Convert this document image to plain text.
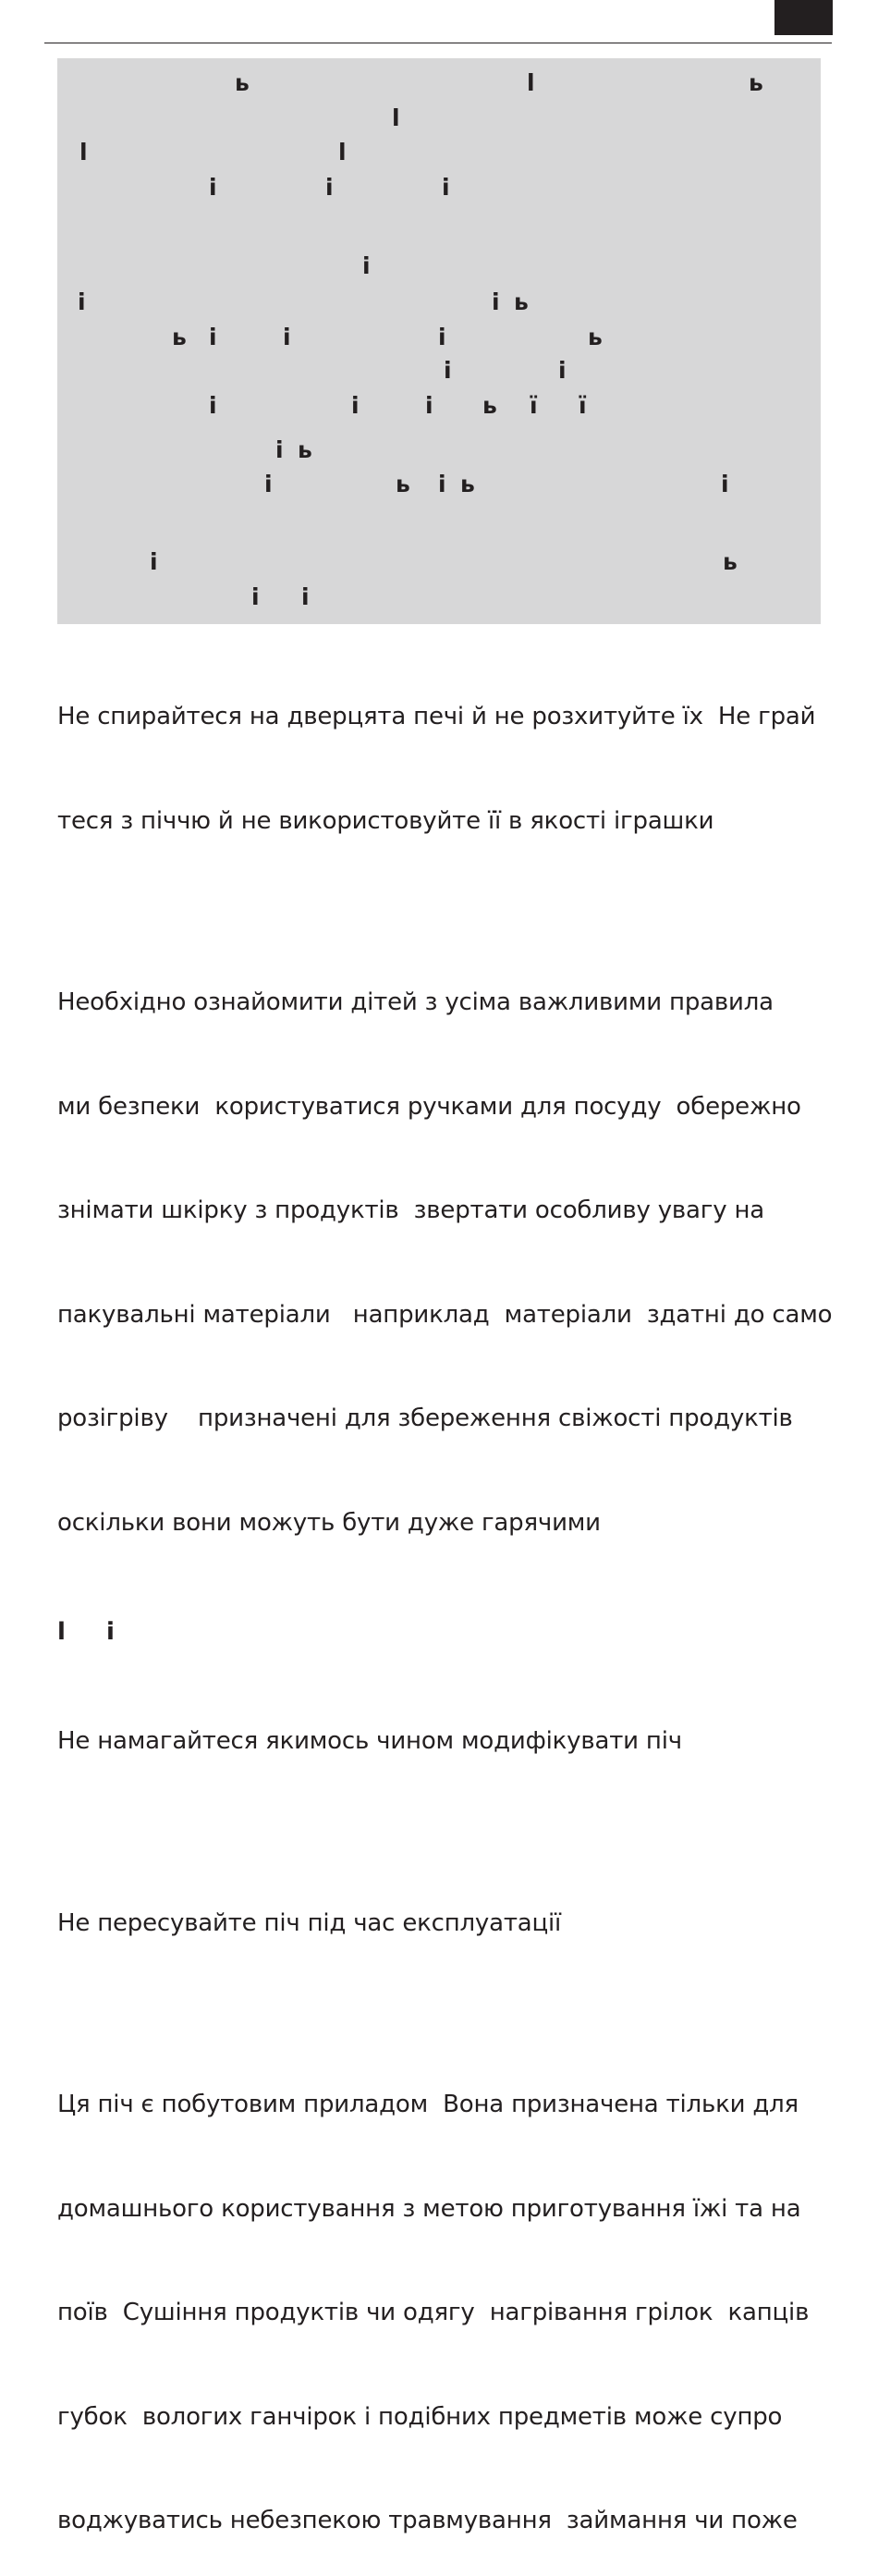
ь	l	ь
l
l	l
і	і	і
і
і	і ь
ь і	і	і	ь
і	і
і	і	і ь ї ї
і ь
і	ь і ь	і
і	ь
і і

Не спирайтеся на дверцята печі й не розхитуйте їх  Не грай

теся з піччю й не використовуйте її в якості іграшки

Необхідно ознайомити дітей з усіма важливими правила

ми безпеки  користуватися ручками для посуду  обережно

знімати шкірку з продуктів  звертати особливу увагу на

пакувальні матеріали   наприклад  матеріали  здатні до само

розігріву    призначені для збереження свіжості продуктів

оскільки вони можуть бути дуже гарячими

l     і

Не намагайтеся якимось чином модифікувати піч

Не пересувайте піч під час експлуатації

Ця піч є побутовим приладом  Вона призначена тільки для

домашнього користування з метою приготування їжі та на

поїв  Сушіння продуктів чи одягу  нагрівання грілок  капців

губок  вологих ганчірок і подібних предметів може супро

воджуватись небезпекою травмування  займання чи поже
